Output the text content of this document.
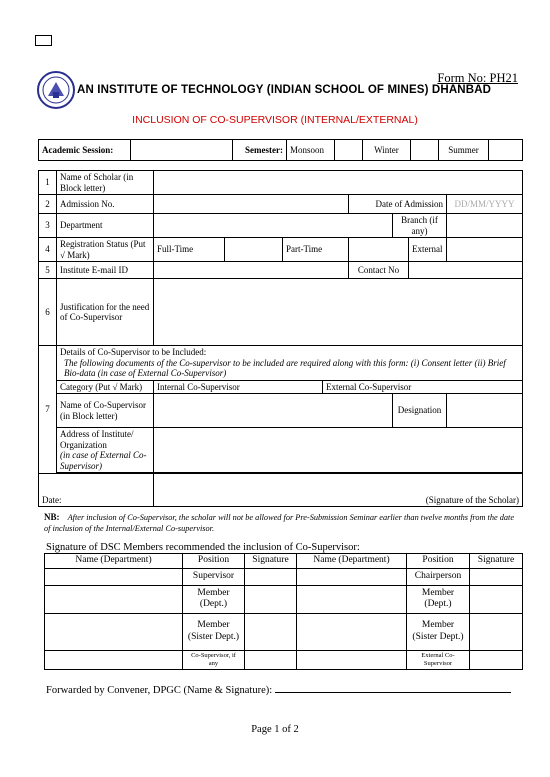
Form No: PH21
AN INSTITUTE OF TECHNOLOGY (INDIAN SCHOOL OF MINES) DHANBAD
INCLUSION OF CO-SUPERVISOR (INTERNAL/EXTERNAL)
Academic Session:		Semester:	Monsoon		Winter		Summer	
1	Name of Scholar (in Block letter)								
2	Admission No.					Date of Admission			DD/MM/YYYY
3	Department						Branch (if any)		
4	Registration Status (Put √ Mark)	Full-Time		Part-Time				External	
5	Institute E-mail ID					Contact No			
6	Justification for the need of Co-Supervisor								
7	Details of Co-Supervisor to be Included:
The following documents of the Co-supervisor to be included are required along with this form: (i) Consent letter (ii) Brief Bio-data (in case of External Co-Supervisor)								

	Category (Put √ Mark)	Internal Co-Supervisor			External Co-Supervisor				
	Name of Co-Supervisor (in Block letter)						Designation		

	Address of Institute/ Organization
(in case of External Co-Supervisor)								

Date:		(Signature of the Scholar)							
NB: After inclusion of Co-Supervisor, the scholar will not be allowed for Pre-Submission Seminar earlier than twelve months from the date of inclusion of the Internal/External Co-supervisor.
Signature of DSC Members recommended the inclusion of Co-Supervisor:
Name (Department)	Position	Signature	Name (Department)	Position	Signature
	Supervisor			Chairperson	
	Member (Dept.)			Member (Dept.)	
	Member (Sister Dept.)			Member (Sister Dept.)	
	Co-Supervisor, if any			External Co-Supervisor	
Forwarded by Convener, DPGC (Name & Signature):
Page 1 of 2
